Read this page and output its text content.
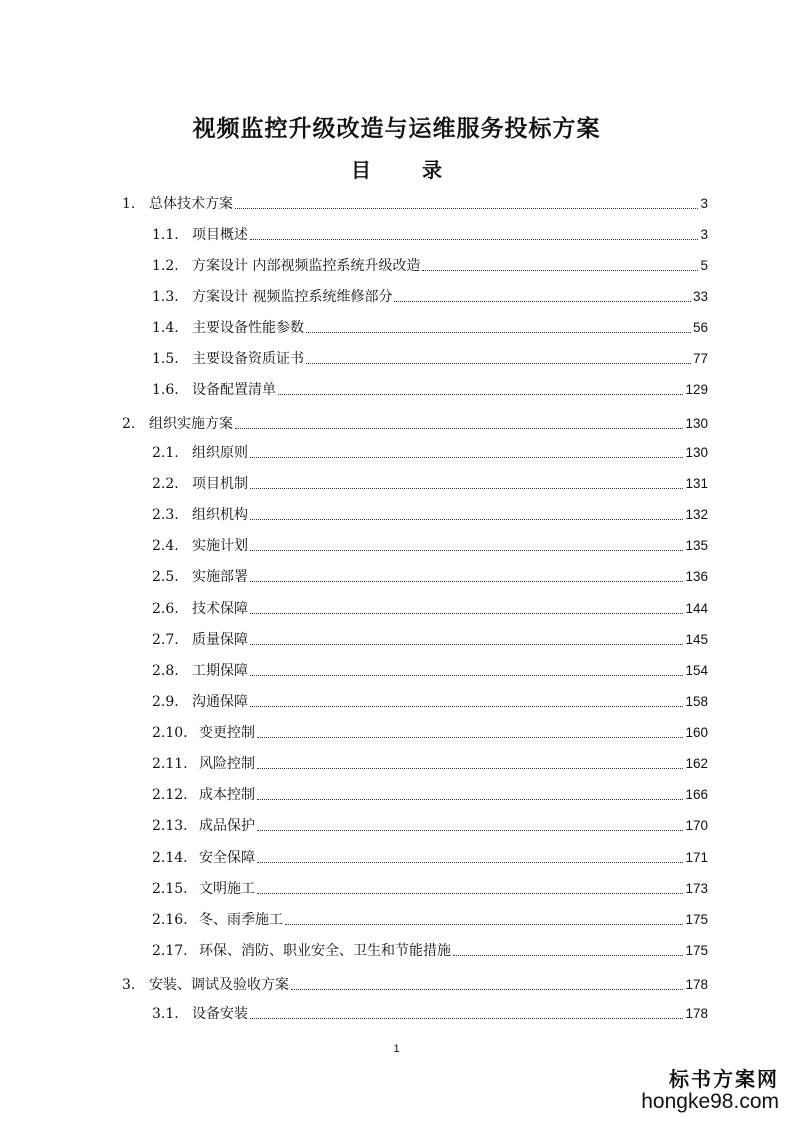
视频监控升级改造与运维服务投标方案
目 录
1. 总体技术方案	3
1.1. 项目概述	3
1.2. 方案设计 内部视频监控系统升级改造	5
1.3. 方案设计 视频监控系统维修部分	33
1.4. 主要设备性能参数	56
1.5. 主要设备资质证书	77
1.6. 设备配置清单	129
2. 组织实施方案	130
2.1. 组织原则	130
2.2. 项目机制	131
2.3. 组织机构	132
2.4. 实施计划	135
2.5. 实施部署	136
2.6. 技术保障	144
2.7. 质量保障	145
2.8. 工期保障	154
2.9. 沟通保障	158
2.10. 变更控制	160
2.11. 风险控制	162
2.12. 成本控制	166
2.13. 成品保护	170
2.14. 安全保障	171
2.15. 文明施工	173
2.16. 冬、雨季施工	175
2.17. 环保、消防、职业安全、卫生和节能措施	175
3. 安装、调试及验收方案	178
3.1. 设备安装	178
1
标书方案网
hongke98.com
